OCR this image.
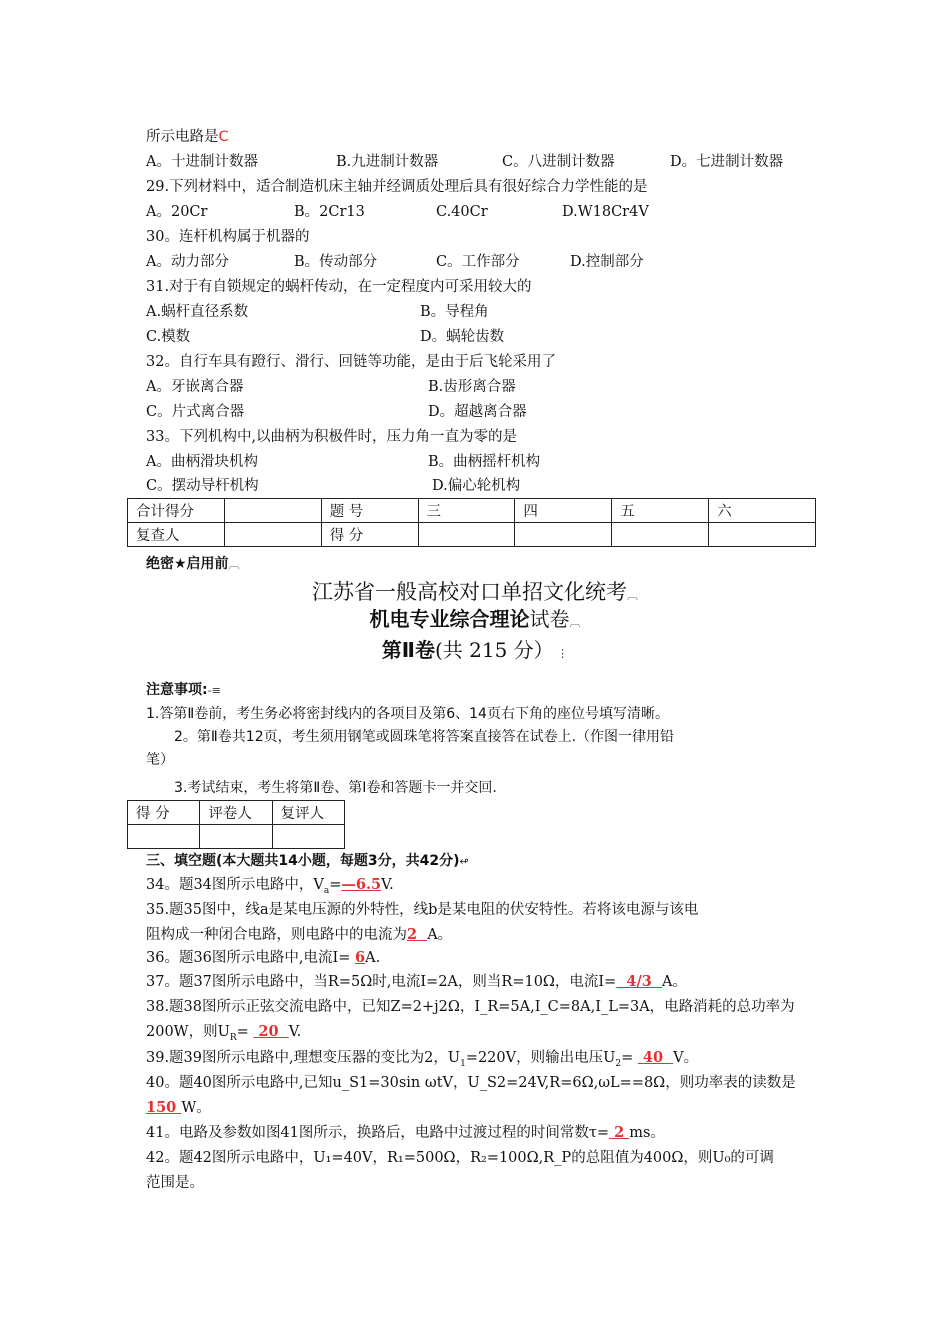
所示电路是C
A。十进制计数器	B.九进制计数器	C。八进制计数器	D。七进制计数器
29.下列材料中，适合制造机床主轴并经调质处理后具有很好综合力学性能的是
A。20Cr	B。2Cr13	C.40Cr	D.W18Cr4V
30。连杆机构属于机器的
A。动力部分	B。传动部分	C。工作部分	D.控制部分
31.对于有自锁规定的蜗杆传动，在一定程度内可采用较大的
A.蜗杆直径系数	B。导程角
C.模数	D。蜗轮齿数
32。自行车具有蹬行、滑行、回链等功能，是由于后飞轮采用了
A。牙嵌离合器	B.齿形离合器
C。片式离合器	D。超越离合器
33。下列机构中,以曲柄为积极件时，压力角一直为零的是
A。曲柄滑块机构	B。曲柄摇杆机构
C。摆动导杆机构	D.偏心轮机构
合计得分		题 号	三	四	五	六
复查人		得 分				
绝密★启用前︹
江苏省一般高校对口单招文化统考︹
机电专业综合理论试卷︹
第Ⅱ卷(共 215 分） ⋮
注意事项:-≡
1.答第Ⅱ卷前，考生务必将密封线内的各项目及第6、14页右下角的座位号填写清晰。
2。第Ⅱ卷共12页，考生须用钢笔或圆珠笔将答案直接答在试卷上.（作图一律用铅
笔）
3.考试结束，考生将第Ⅱ卷、第Ⅰ卷和答题卡一并交回.
得 分	评卷人	复评人

三、填空题(本大题共14小题，每题3分，共42分)↫
34。题34图所示电路中，$V_a=—6.5V$.
35.题35图中，线a是某电压源的外特性，线b是某电阻的伏安特性。若将该电源与该电
阻构成一种闭合电路，则电路中的电流为2  A。
36。题36图所示电路中,电流I= 6A.
37。题37图所示电路中，当R=5Ω时,电流I=2A，则当R=10Ω，电流I=  4/3  A。
38.题38图所示正弦交流电路中，已知Z=2+j2Ω，I_R=5A,I_C=8A,I_L=3A，电路消耗的总功率为
200W，则$U_R= 20$  V.
39.题39图所示电路中,理想变压器的变比为2，$U_1=220V$，则输出电压$U_2= 40$  V。
40。题40图所示电路中,已知u_S1=30sin ωtV，U_S2=24V,R=6Ω,ωL==8Ω，则功率表的读数是
150 W。
41。电路及参数如图41图所示，换路后，电路中过渡过程的时间常数τ= 2 ms。
42。题42图所示电路中，U₁=40V，R₁=500Ω，R₂=100Ω,R_P的总阻值为400Ω，则U₀的可调
范围是。
